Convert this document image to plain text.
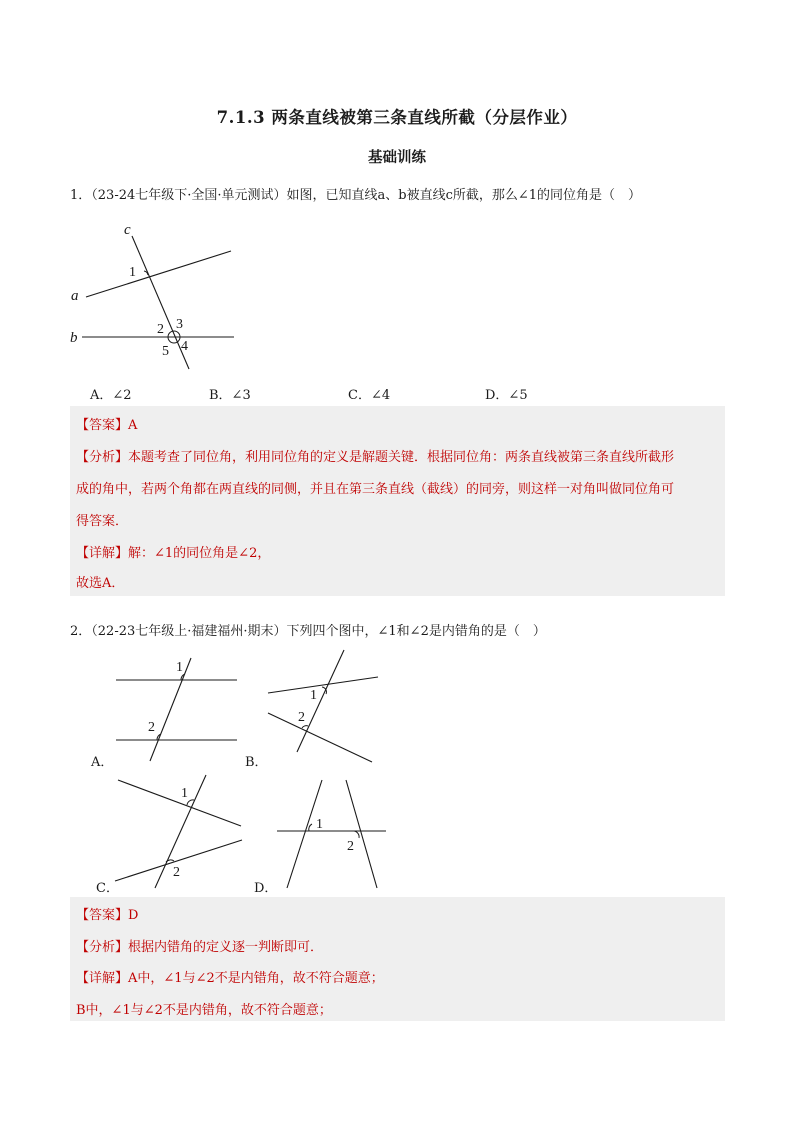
7.1.3 两条直线被第三条直线所截（分层作业）
基础训练
1．（23-24七年级下·全国·单元测试）如图，已知直线a、b被直线c所截，那么∠1的同位角是（　）
c
a
b
1
2 3
4
5
A．∠2	B．∠3	C．∠4	D．∠5
【答案】A
【分析】本题考查了同位角，利用同位角的定义是解题关键．根据同位角：两条直线被第三条直线所截形
成的角中，若两个角都在两直线的同侧，并且在第三条直线（截线）的同旁，则这样一对角叫做同位角可
得答案．
【详解】解：∠1的同位角是∠2，
故选A．
2．（22-23七年级上·福建福州·期末）下列四个图中，∠1和∠2是内错角的是（　）
1
2
1
2
1
2
1
2
A．	B．
C．	D．
【答案】D
【分析】根据内错角的定义逐一判断即可．
【详解】A中，∠1与∠2不是内错角，故不符合题意；
B中，∠1与∠2不是内错角，故不符合题意；
